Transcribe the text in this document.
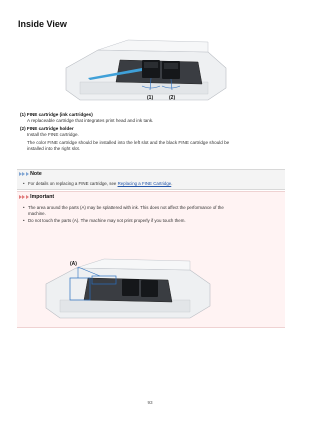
Inside View
(1)	(2)
(1) FINE cartridge (ink cartridges)
A replaceable cartridge that integrates print head and ink tank.
(2) FINE cartridge holder
Install the FINE cartridge.
The color FINE cartridge should be installed into the left slot and the black FINE cartridge should be
installed into the right slot.
Note
• For details on replacing a FINE cartridge, see Replacing a FINE Cartridge.
Important
• The area around the parts (A) may be splattered with ink. This does not affect the performance of the
machine.
• Do not touch the parts (A). The machine may not print properly if you touch them.
(A)
93
